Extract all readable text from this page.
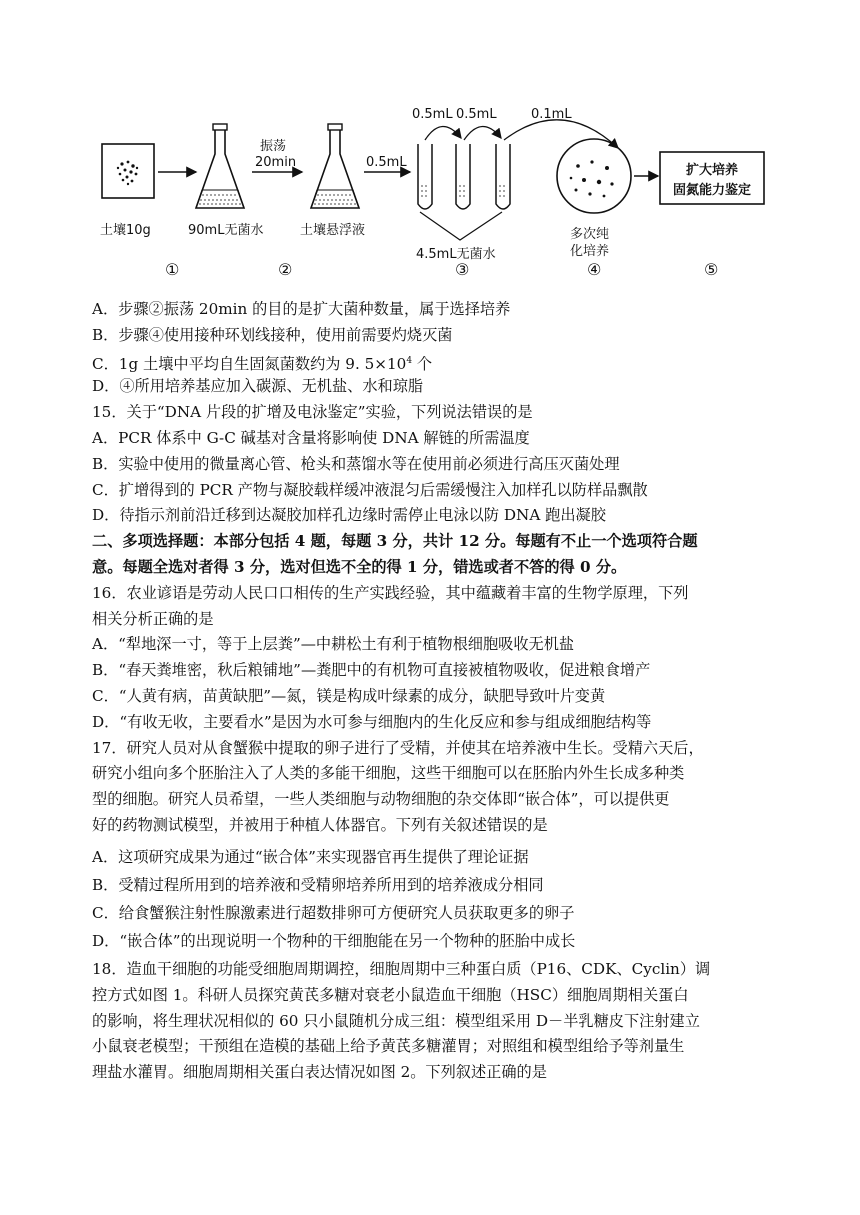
振荡
20min	0.5mL
0.5mL 0.5mL	0.1mL
4.5mL无菌水
扩大培养
固氮能力鉴定
土壤10g	90mL无菌水	土壤悬浮液	多次纯
化培养
①	②	③	④	⑤
A．步骤②振荡 20min 的目的是扩大菌种数量，属于选择培养
B．步骤④使用接种环划线接种，使用前需要灼烧灭菌
C．1g 土壤中平均自生固氮菌数约为 9. $5\times 10^4$ 个
D．④所用培养基应加入碳源、无机盐、水和琼脂
15．关于“DNA 片段的扩增及电泳鉴定”实验，下列说法错误的是
A．PCR 体系中 G-C 碱基对含量将影响使 DNA 解链的所需温度
B．实验中使用的微量离心管、枪头和蒸馏水等在使用前必须进行高压灭菌处理
C．扩增得到的 PCR 产物与凝胶载样缓冲液混匀后需缓慢注入加样孔以防样品飘散
D．待指示剂前沿迁移到达凝胶加样孔边缘时需停止电泳以防 DNA 跑出凝胶
二、多项选择题：本部分包括 4 题，每题 3 分，共计 12 分。每题有不止一个选项符合题
意。每题全选对者得 3 分，选对但选不全的得 1 分，错选或者不答的得 0 分。
16．农业谚语是劳动人民口口相传的生产实践经验，其中蕴藏着丰富的生物学原理，下列
相关分析正确的是
A．“犁地深一寸，等于上层粪”—中耕松土有利于植物根细胞吸收无机盐
B．“春天粪堆密，秋后粮铺地”—粪肥中的有机物可直接被植物吸收，促进粮食增产
C．“人黄有病，苗黄缺肥”—氮，镁是构成叶绿素的成分，缺肥导致叶片变黄
D．“有收无收，主要看水”是因为水可参与细胞内的生化反应和参与组成细胞结构等
17．研究人员对从食蟹猴中提取的卵子进行了受精，并使其在培养液中生长。受精六天后，
研究小组向多个胚胎注入了人类的多能干细胞，这些干细胞可以在胚胎内外生长成多种类
型的细胞。研究人员希望，一些人类细胞与动物细胞的杂交体即“嵌合体”，可以提供更
好的药物测试模型，并被用于种植人体器官。下列有关叙述错误的是
A．这项研究成果为通过“嵌合体”来实现器官再生提供了理论证据
B．受精过程所用到的培养液和受精卵培养所用到的培养液成分相同
C．给食蟹猴注射性腺激素进行超数排卵可方便研究人员获取更多的卵子
D．“嵌合体”的出现说明一个物种的干细胞能在另一个物种的胚胎中成长
18．造血干细胞的功能受细胞周期调控，细胞周期中三种蛋白质（P16、CDK、Cyclin）调
控方式如图 1。科研人员探究黄芪多糖对衰老小鼠造血干细胞（HSC）细胞周期相关蛋白
的影响，将生理状况相似的 60 只小鼠随机分成三组：模型组采用 D－半乳糖皮下注射建立
小鼠衰老模型；干预组在造模的基础上给予黄芪多糖灌胃；对照组和模型组给予等剂量生
理盐水灌胃。细胞周期相关蛋白表达情况如图 2。下列叙述正确的是
